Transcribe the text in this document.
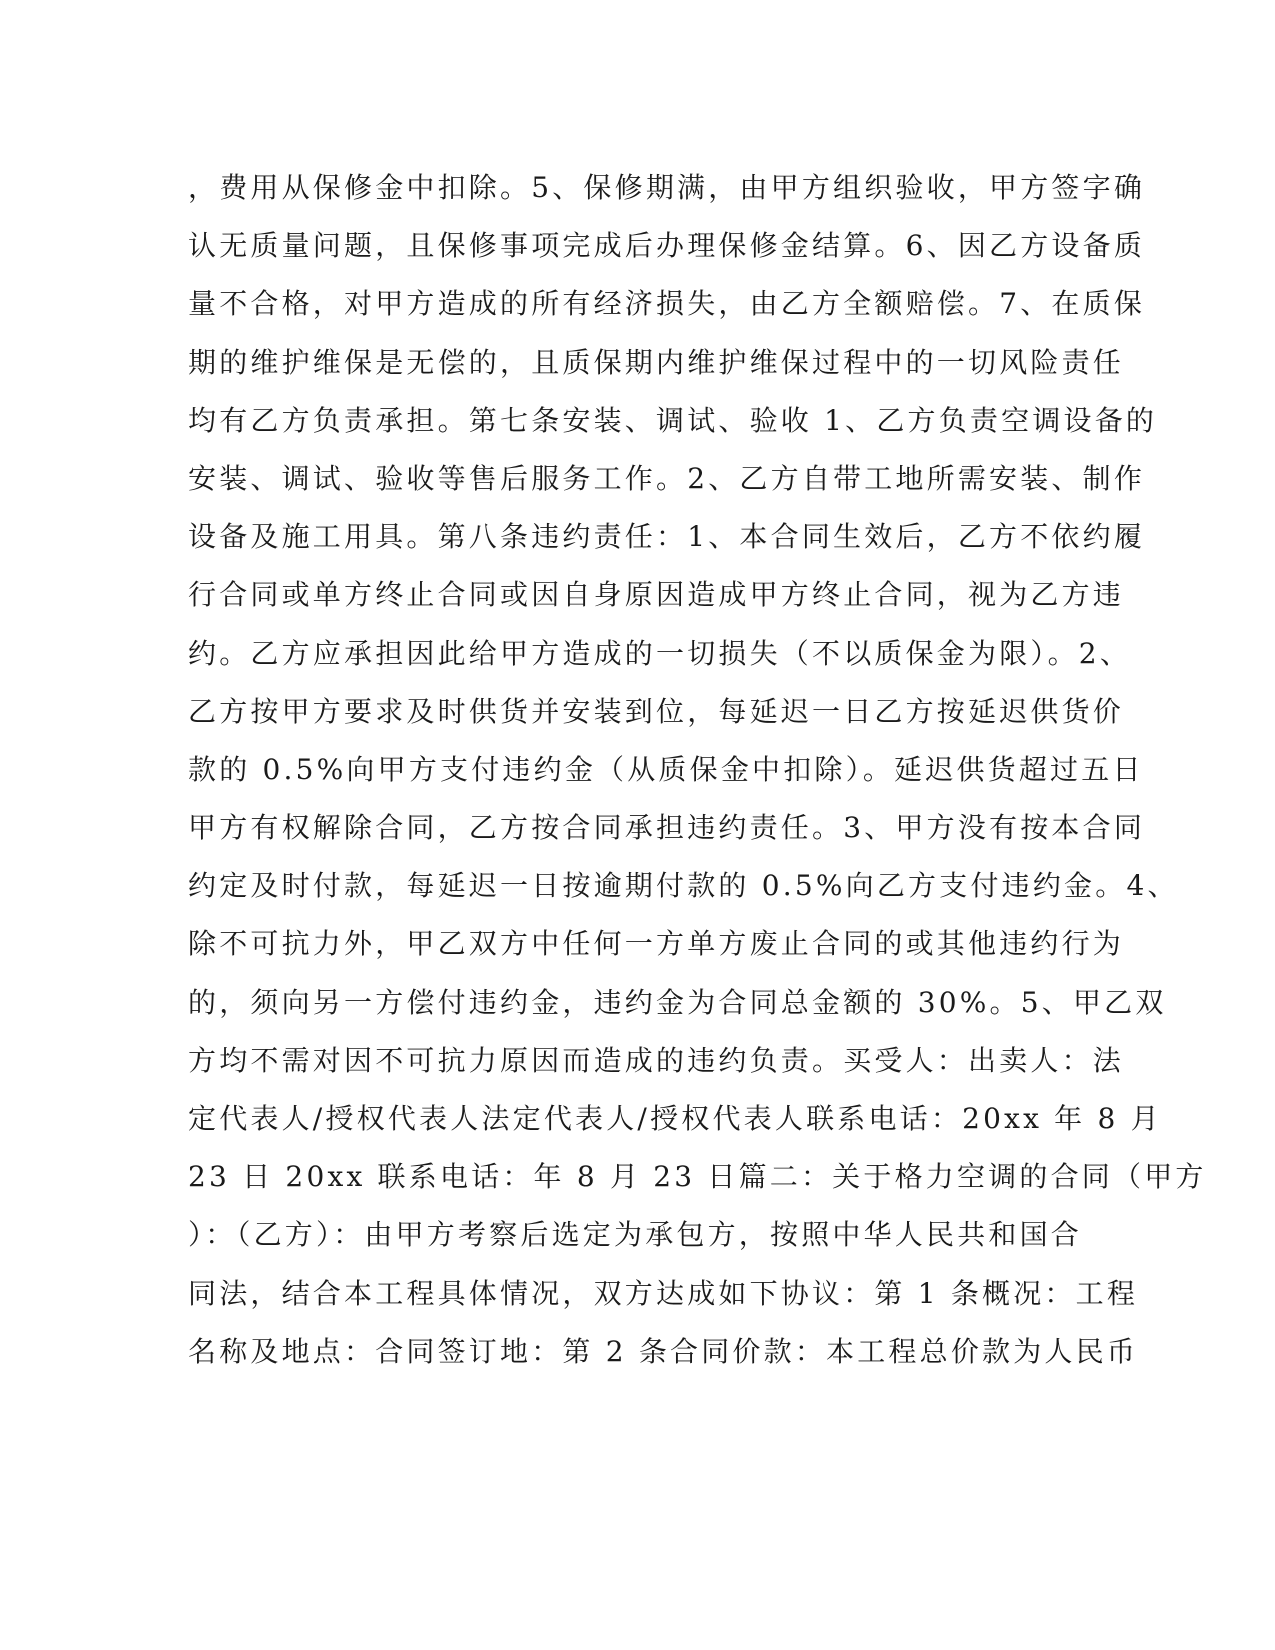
，费用从保修金中扣除。5、保修期满，由甲方组织验收，甲方签字确
认无质量问题，且保修事项完成后办理保修金结算。6、因乙方设备质
量不合格，对甲方造成的所有经济损失，由乙方全额赔偿。7、在质保
期的维护维保是无偿的，且质保期内维护维保过程中的一切风险责任
均有乙方负责承担。第七条安装、调试、验收 1、乙方负责空调设备的
安装、调试、验收等售后服务工作。2、乙方自带工地所需安装、制作
设备及施工用具。第八条违约责任：1、本合同生效后，乙方不依约履
行合同或单方终止合同或因自身原因造成甲方终止合同，视为乙方违
约。乙方应承担因此给甲方造成的一切损失（不以质保金为限）。2、
乙方按甲方要求及时供货并安装到位，每延迟一日乙方按延迟供货价
款的 0.5%向甲方支付违约金（从质保金中扣除）。延迟供货超过五日
甲方有权解除合同，乙方按合同承担违约责任。3、甲方没有按本合同
约定及时付款，每延迟一日按逾期付款的 0.5%向乙方支付违约金。4、
除不可抗力外，甲乙双方中任何一方单方废止合同的或其他违约行为
的，须向另一方偿付违约金，违约金为合同总金额的 30%。5、甲乙双
方均不需对因不可抗力原因而造成的违约负责。买受人：出卖人：法
定代表人/授权代表人法定代表人/授权代表人联系电话：20xx 年 8 月
23 日 20xx 联系电话：年 8 月 23 日篇二：关于格力空调的合同（甲方
）：（乙方）：由甲方考察后选定为承包方，按照中华人民共和国合
同法，结合本工程具体情况，双方达成如下协议：第 1 条概况：工程
名称及地点：合同签订地：第 2 条合同价款：本工程总价款为人民币
